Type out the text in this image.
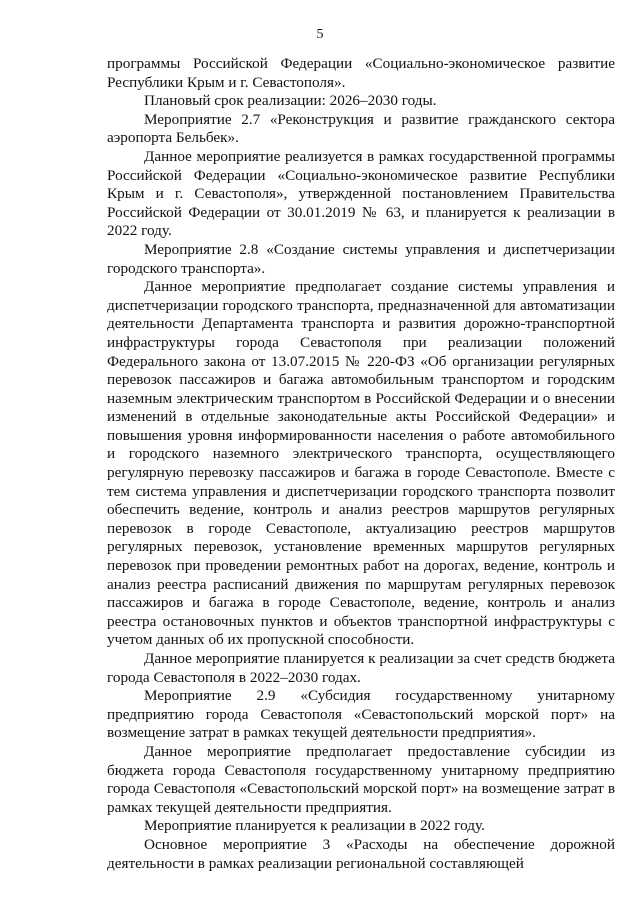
5

программы Российской Федерации «Социально-экономическое развитие Республики Крым и г. Севастополя».

Плановый срок реализации: 2026–2030 годы.

Мероприятие 2.7 «Реконструкция и развитие гражданского сектора аэропорта Бельбек».

Данное мероприятие реализуется в рамках государственной программы Российской Федерации «Социально-экономическое развитие Республики Крым и г. Севастополя», утвержденной постановлением Правительства Российской Федерации от 30.01.2019 № 63, и планируется к реализации в 2022 году.

Мероприятие 2.8 «Создание системы управления и диспетчеризации городского транспорта».

Данное мероприятие предполагает создание системы управления и диспетчеризации городского транспорта, предназначенной для автоматизации деятельности Департамента транспорта и развития дорожно-транспортной инфраструктуры города Севастополя при реализации положений Федерального закона от 13.07.2015 № 220-ФЗ «Об организации регулярных перевозок пассажиров и багажа автомобильным транспортом и городским наземным электрическим транспортом в Российской Федерации и о внесении изменений в отдельные законодательные акты Российской Федерации» и повышения уровня информированности населения о работе автомобильного и городского наземного электрического транспорта, осуществляющего регулярную перевозку пассажиров и багажа в городе Севастополе. Вместе с тем система управления и диспетчеризации городского транспорта позволит обеспечить ведение, контроль и анализ реестров маршрутов регулярных перевозок в городе Севастополе, актуализацию реестров маршрутов регулярных перевозок, установление временных маршрутов регулярных перевозок при проведении ремонтных работ на дорогах, ведение, контроль и анализ реестра расписаний движения по маршрутам регулярных перевозок пассажиров и багажа в городе Севастополе, ведение, контроль и анализ реестра остановочных пунктов и объектов транспортной инфраструктуры с учетом данных об их пропускной способности.

Данное мероприятие планируется к реализации за счет средств бюджета города Севастополя в 2022–2030 годах.

Мероприятие 2.9 «Субсидия государственному унитарному предприятию города Севастополя «Севастопольский морской порт» на возмещение затрат в рамках текущей деятельности предприятия».

Данное мероприятие предполагает предоставление субсидии из бюджета города Севастополя государственному унитарному предприятию города Севастополя «Севастопольский морской порт» на возмещение затрат в рамках текущей деятельности предприятия.

Мероприятие планируется к реализации в 2022 году.

Основное мероприятие 3 «Расходы на обеспечение дорожной деятельности в рамках реализации региональной составляющей
